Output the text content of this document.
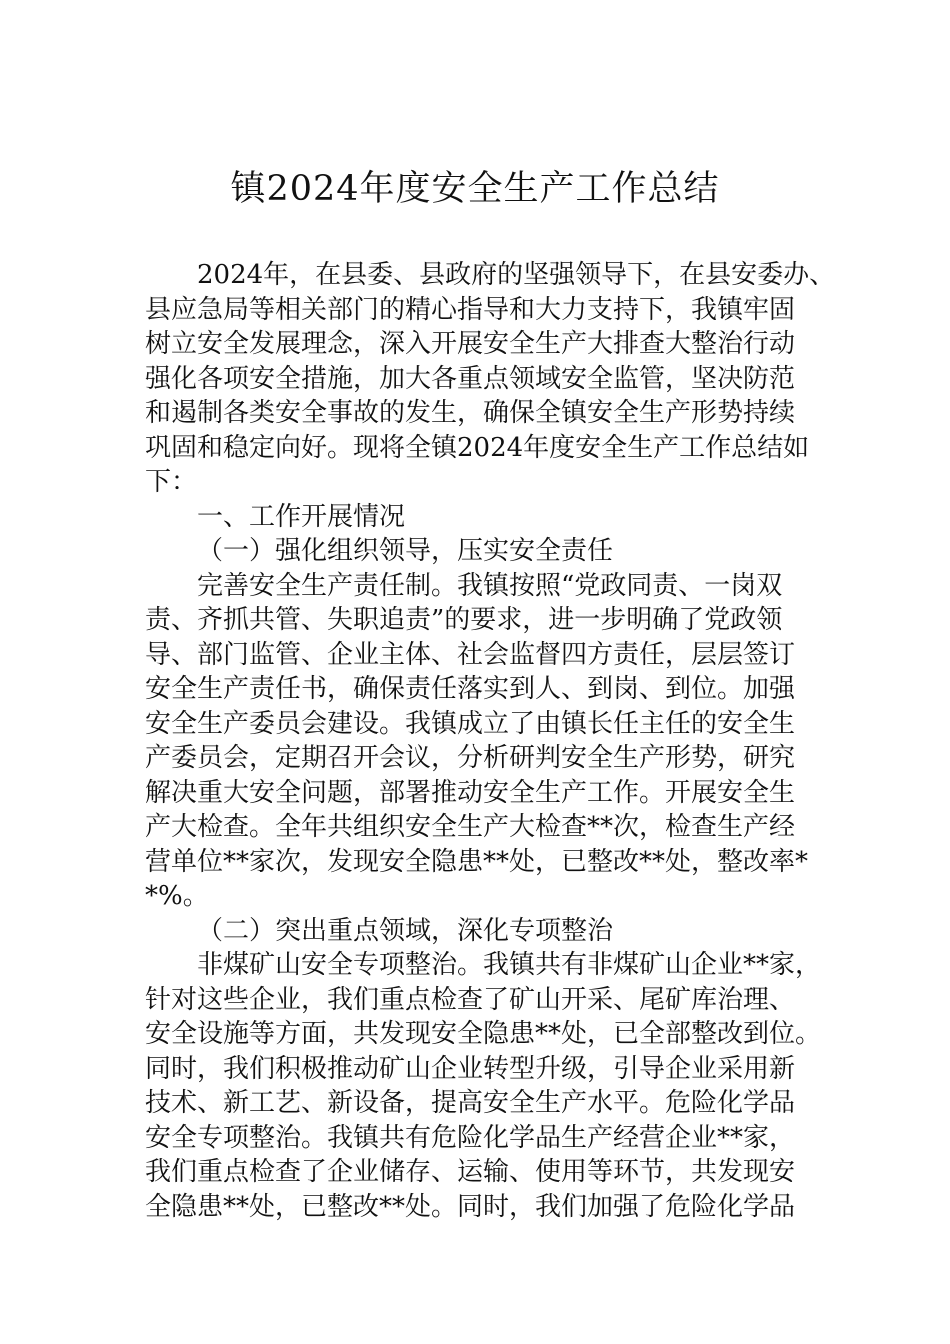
镇2024年度安全生产工作总结

2024年，在县委、县政府的坚强领导下，在县安委办、

县应急局等相关部门的精心指导和大力支持下，我镇牢固

树立安全发展理念，深入开展安全生产大排查大整治行动

强化各项安全措施，加大各重点领域安全监管，坚决防范

和遏制各类安全事故的发生，确保全镇安全生产形势持续

巩固和稳定向好。现将全镇2024年度安全生产工作总结如

下：

一、工作开展情况

（一）强化组织领导，压实安全责任

完善安全生产责任制。我镇按照“党政同责、一岗双

责、齐抓共管、失职追责”的要求，进一步明确了党政领

导、部门监管、企业主体、社会监督四方责任，层层签订

安全生产责任书，确保责任落实到人、到岗、到位。加强

安全生产委员会建设。我镇成立了由镇长任主任的安全生

产委员会，定期召开会议，分析研判安全生产形势，研究

解决重大安全问题，部署推动安全生产工作。开展安全生

产大检查。全年共组织安全生产大检查**次，检查生产经

营单位**家次，发现安全隐患**处，已整改**处，整改率*

*%。

（二）突出重点领域，深化专项整治

非煤矿山安全专项整治。我镇共有非煤矿山企业**家，

针对这些企业，我们重点检查了矿山开采、尾矿库治理、

安全设施等方面，共发现安全隐患**处，已全部整改到位。

同时，我们积极推动矿山企业转型升级，引导企业采用新

技术、新工艺、新设备，提高安全生产水平。危险化学品

安全专项整治。我镇共有危险化学品生产经营企业**家，

我们重点检查了企业储存、运输、使用等环节，共发现安

全隐患**处，已整改**处。同时，我们加强了危险化学品
